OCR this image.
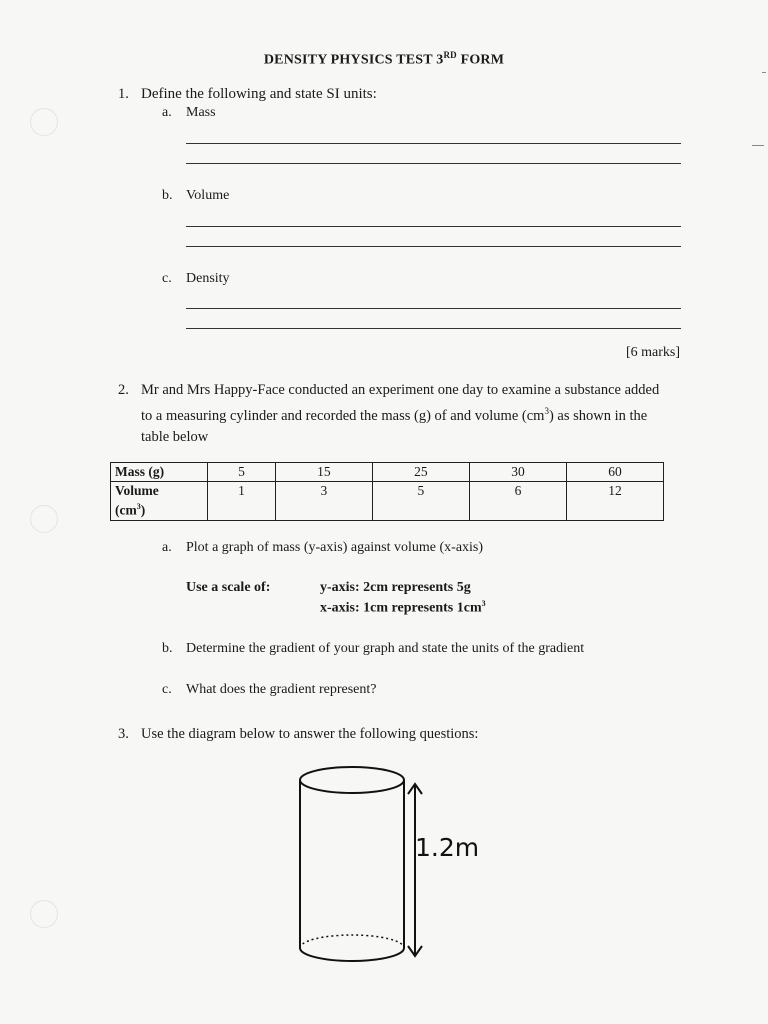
DENSITY PHYSICS TEST 3RD FORM
1. Define the following and state SI units:
a. Mass
b. Volume
c. Density
[6 marks]
2. Mr and Mrs Happy-Face conducted an experiment one day to examine a substance added
to a measuring cylinder and recorded the mass (g) of and volume $(cm^3)$ as shown in the
table below
Mass (g)	5	15	25	30	60
Volume
$(cm^3)$	1	3	5	6	12
a. Plot a graph of mass (y-axis) against volume (x-axis)
Use a scale of:	y-axis: 2cm represents 5g
x-axis: 1cm represents $1cm^3$
b. Determine the gradient of your graph and state the units of the gradient
c. What does the gradient represent?
3. Use the diagram below to answer the following questions:
1.2m
